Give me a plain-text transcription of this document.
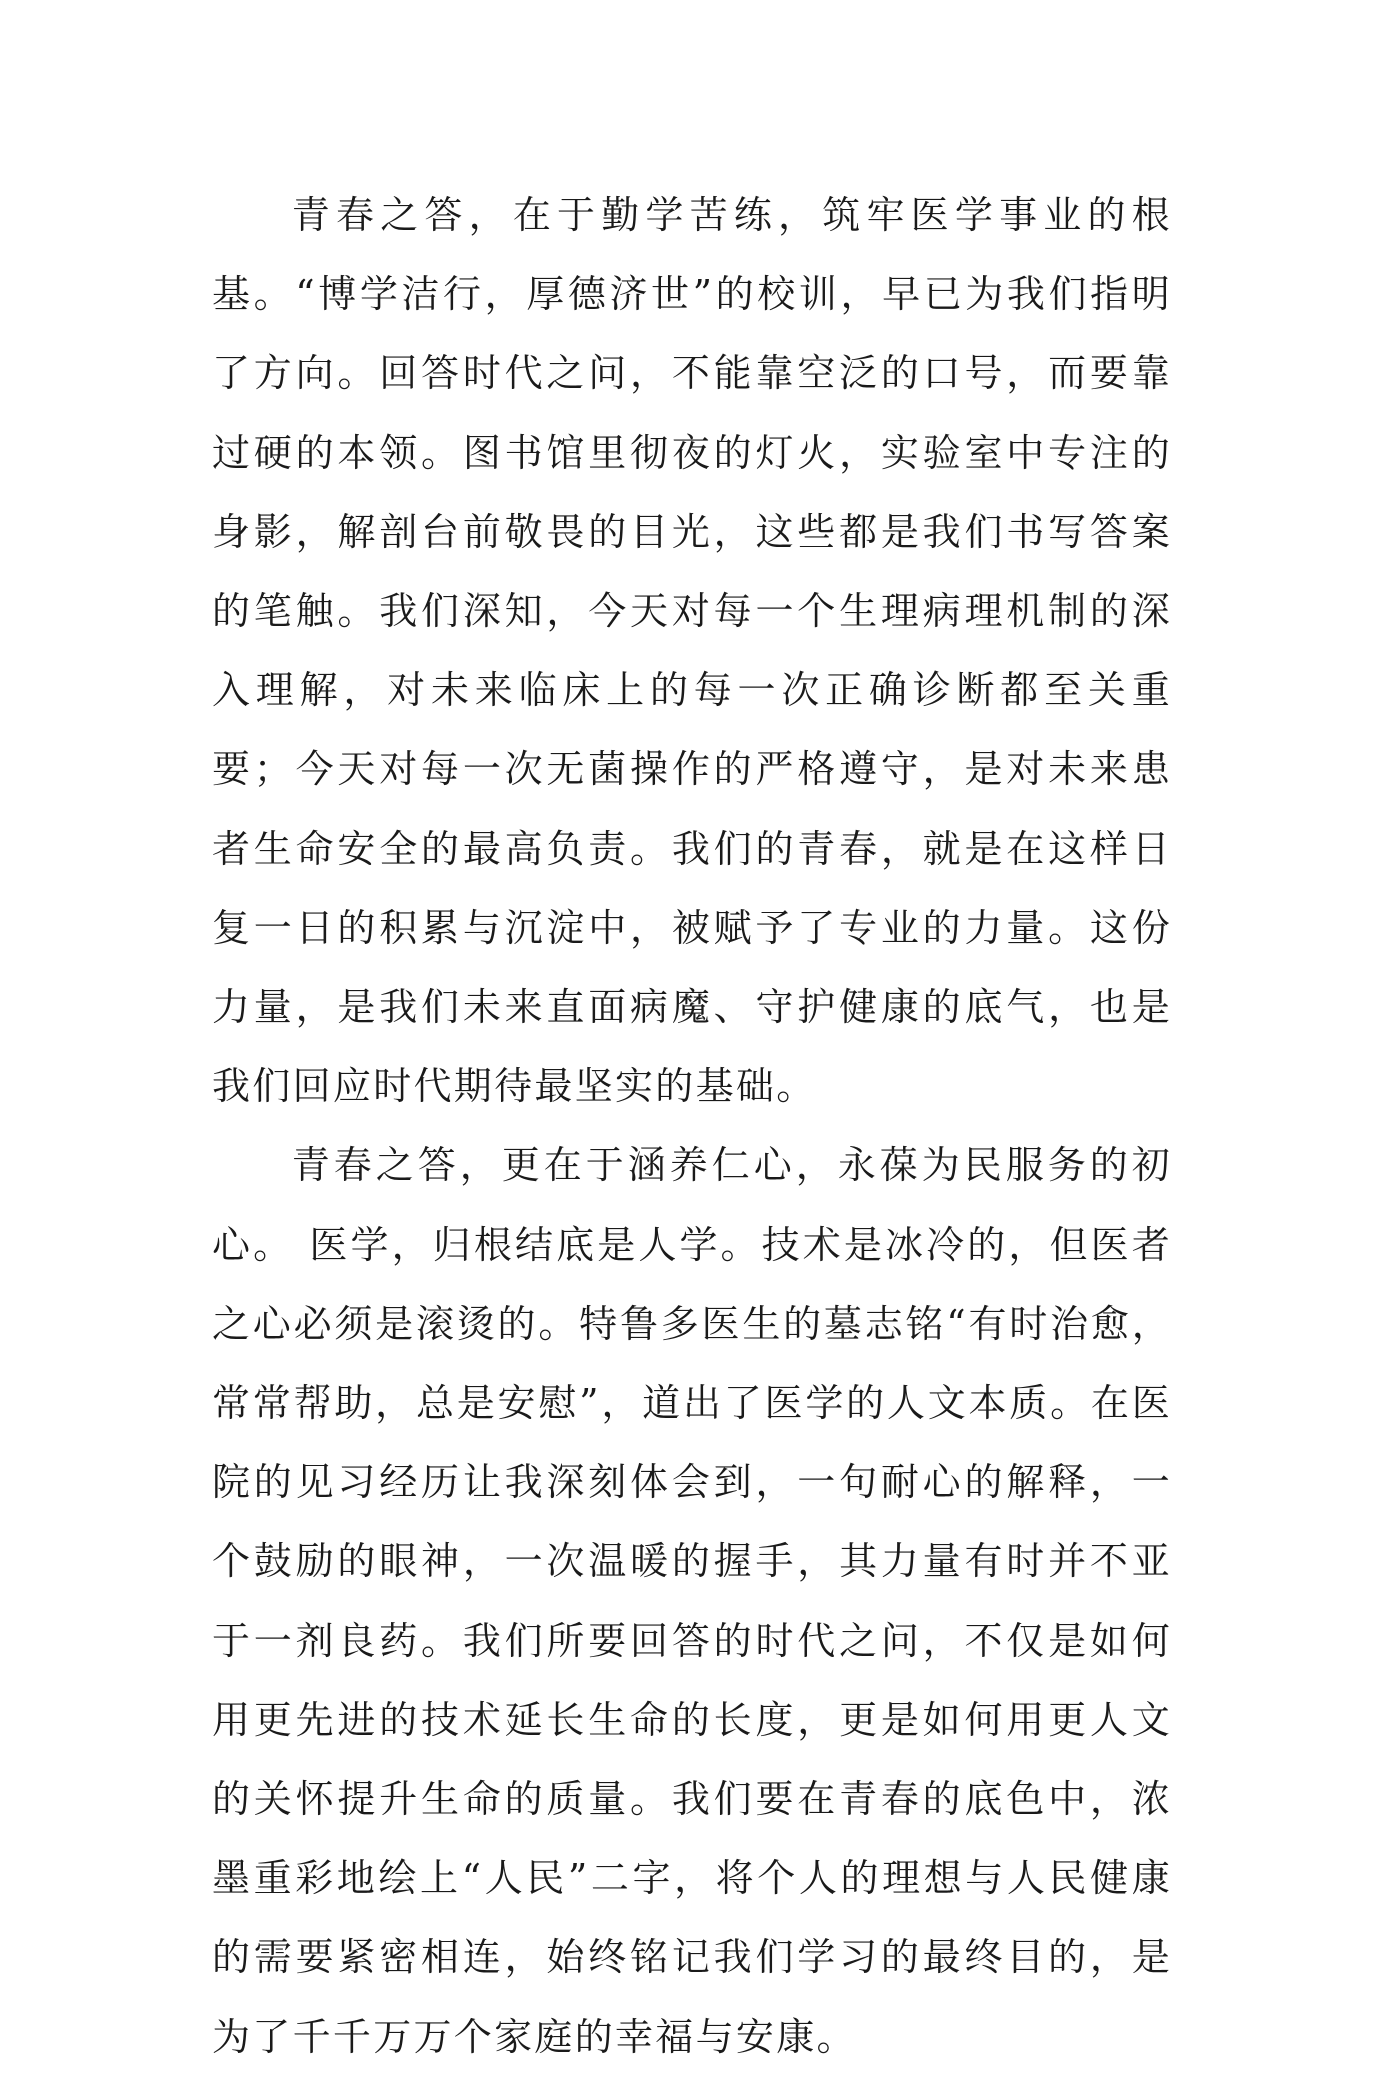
青春之答，在于勤学苦练，筑牢医学事业的根基。“博学洁行，厚德济世”的校训，早已为我们指明了方向。回答时代之问，不能靠空泛的口号，而要靠过硬的本领。图书馆里彻夜的灯火，实验室中专注的身影，解剖台前敬畏的目光，这些都是我们书写答案的笔触。我们深知，今天对每一个生理病理机制的深入理解，对未来临床上的每一次正确诊断都至关重要；今天对每一次无菌操作的严格遵守，是对未来患者生命安全的最高负责。我们的青春，就是在这样日复一日的积累与沉淀中，被赋予了专业的力量。这份力量，是我们未来直面病魔、守护健康的底气，也是我们回应时代期待最坚实的基础。

青春之答，更在于涵养仁心，永葆为民服务的初心。 医学，归根结底是人学。技术是冰冷的，但医者之心必须是滚烫的。特鲁多医生的墓志铭“有时治愈，常常帮助，总是安慰”，道出了医学的人文本质。在医院的见习经历让我深刻体会到，一句耐心的解释，一个鼓励的眼神，一次温暖的握手，其力量有时并不亚于一剂良药。我们所要回答的时代之问，不仅是如何用更先进的技术延长生命的长度，更是如何用更人文的关怀提升生命的质量。我们要在青春的底色中，浓墨重彩地绘上“人民”二字，将个人的理想与人民健康的需要紧密相连，始终铭记我们学习的最终目的，是为了千千万万个家庭的幸福与安康。
